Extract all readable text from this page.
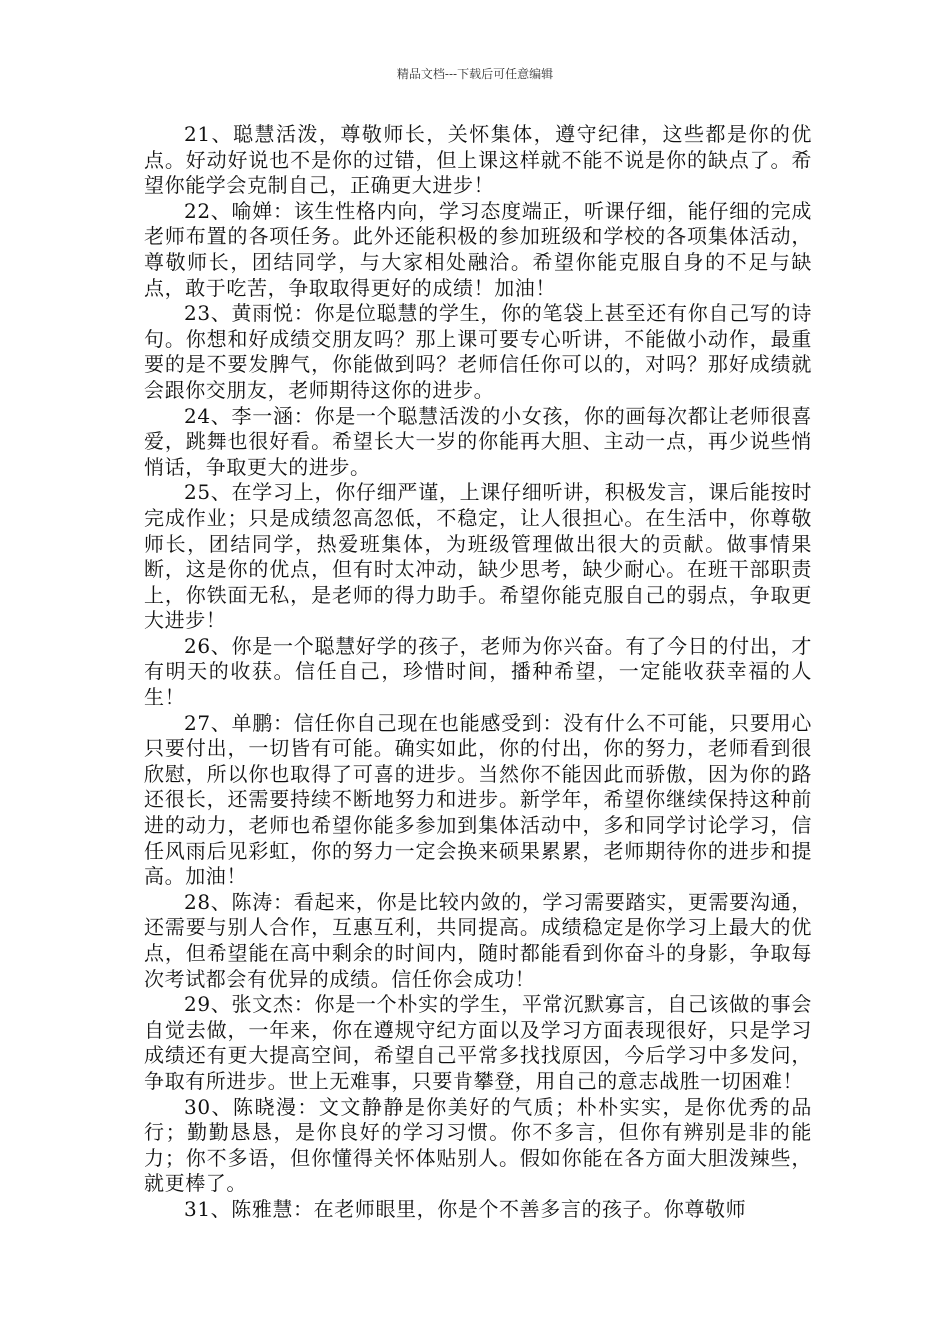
精品文档---下载后可任意编辑

21、聪慧活泼，尊敬师长，关怀集体，遵守纪律，这些都是你的优点。好动好说也不是你的过错，但上课这样就不能不说是你的缺点了。希望你能学会克制自己，正确更大进步！

22、喻婵：该生性格内向，学习态度端正，听课仔细，能仔细的完成老师布置的各项任务。此外还能积极的参加班级和学校的各项集体活动，尊敬师长，团结同学，与大家相处融洽。希望你能克服自身的不足与缺点，敢于吃苦，争取取得更好的成绩！加油！

23、黄雨悦：你是位聪慧的学生，你的笔袋上甚至还有你自己写的诗句。你想和好成绩交朋友吗？那上课可要专心听讲，不能做小动作，最重要的是不要发脾气，你能做到吗？老师信任你可以的，对吗？那好成绩就会跟你交朋友，老师期待这你的进步。

24、李一涵：你是一个聪慧活泼的小女孩，你的画每次都让老师很喜爱，跳舞也很好看。希望长大一岁的你能再大胆、主动一点，再少说些悄悄话，争取更大的进步。

25、在学习上，你仔细严谨，上课仔细听讲，积极发言，课后能按时完成作业；只是成绩忽高忽低，不稳定，让人很担心。在生活中，你尊敬师长，团结同学，热爱班集体，为班级管理做出很大的贡献。做事情果断，这是你的优点，但有时太冲动，缺少思考，缺少耐心。在班干部职责上，你铁面无私，是老师的得力助手。希望你能克服自己的弱点，争取更大进步！

26、你是一个聪慧好学的孩子，老师为你兴奋。有了今日的付出，才有明天的收获。信任自己，珍惜时间，播种希望，一定能收获幸福的人生！

27、单鹏：信任你自己现在也能感受到：没有什么不可能，只要用心只要付出，一切皆有可能。确实如此，你的付出，你的努力，老师看到很欣慰，所以你也取得了可喜的进步。当然你不能因此而骄傲，因为你的路还很长，还需要持续不断地努力和进步。新学年，希望你继续保持这种前进的动力，老师也希望你能多参加到集体活动中，多和同学讨论学习，信任风雨后见彩虹，你的努力一定会换来硕果累累，老师期待你的进步和提高。加油！

28、陈涛：看起来，你是比较内敛的，学习需要踏实，更需要沟通，还需要与别人合作，互惠互利，共同提高。成绩稳定是你学习上最大的优点，但希望能在高中剩余的时间内，随时都能看到你奋斗的身影，争取每次考试都会有优异的成绩。信任你会成功！

29、张文杰：你是一个朴实的学生，平常沉默寡言，自己该做的事会自觉去做，一年来，你在遵规守纪方面以及学习方面表现很好，只是学习成绩还有更大提高空间，希望自己平常多找找原因，今后学习中多发问，争取有所进步。世上无难事，只要肯攀登，用自己的意志战胜一切困难！

30、陈晓漫：文文静静是你美好的气质；朴朴实实，是你优秀的品行；勤勤恳恳，是你良好的学习习惯。你不多言，但你有辨别是非的能力；你不多语，但你懂得关怀体贴别人。假如你能在各方面大胆泼辣些，就更棒了。

31、陈雅慧：在老师眼里，你是个不善多言的孩子。你尊敬师
